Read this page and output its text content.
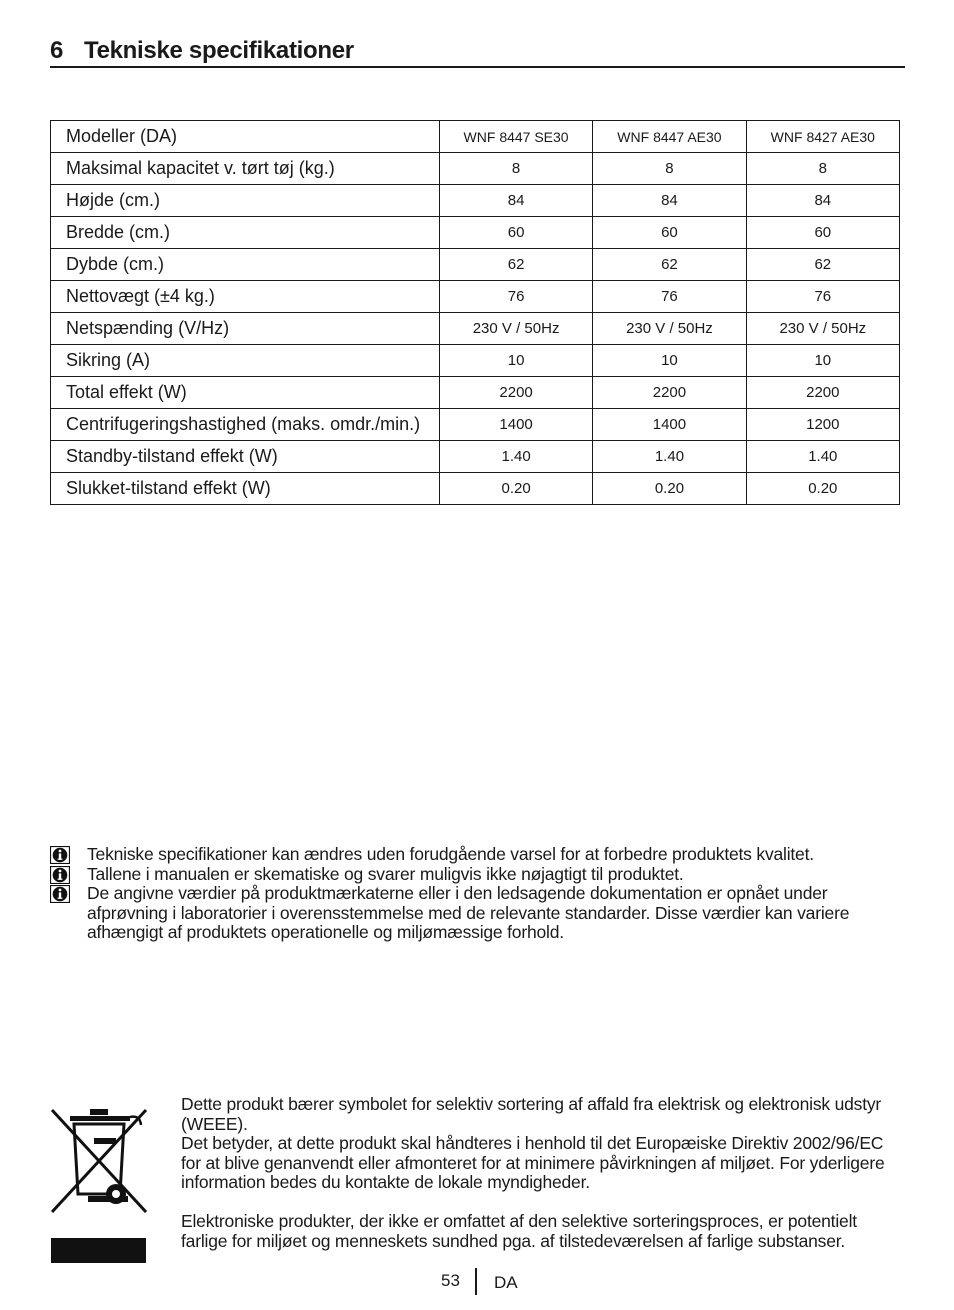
6 Tekniske specifikationer
Modeller (DA)	WNF 8447 SE30	WNF 8447 AE30	WNF 8427 AE30
Maksimal kapacitet v. tørt tøj (kg.)	8	8	8
Højde (cm.)	84	84	84
Bredde (cm.)	60	60	60
Dybde (cm.)	62	62	62
Nettovægt (±4 kg.)	76	76	76
Netspænding (V/Hz)	230 V / 50Hz	230 V / 50Hz	230 V / 50Hz
Sikring (A)	10	10	10
Total effekt (W)	2200	2200	2200
Centrifugeringshastighed (maks. omdr./min.)	1400	1400	1200
Standby-tilstand effekt (W)	1.40	1.40	1.40
Slukket-tilstand effekt (W)	0.20	0.20	0.20
Tekniske specifikationer kan ændres uden forudgående varsel for at forbedre produktets kvalitet.
Tallene i manualen er skematiske og svarer muligvis ikke nøjagtigt til produktet.
De angivne værdier på produktmærkaterne eller i den ledsagende dokumentation er opnået under afprøvning i laboratorier i overensstemmelse med de relevante standarder. Disse værdier kan variere afhængigt af produktets operationelle og miljømæssige forhold.

Dette produkt bærer symbolet for selektiv sortering af affald fra elektrisk og elektronisk udstyr (WEEE).

Det betyder, at dette produkt skal håndteres i henhold til det Europæiske Direktiv 2002/96/EC for at blive genanvendt eller afmonteret for at minimere påvirkningen af miljøet. For yderligere information bedes du kontakte de lokale myndigheder.

Elektroniske produkter, der ikke er omfattet af den selektive sorteringsproces, er potentielt farlige for miljøet og menneskets sundhed pga. af tilstedeværelsen af farlige substanser.

53 DA
